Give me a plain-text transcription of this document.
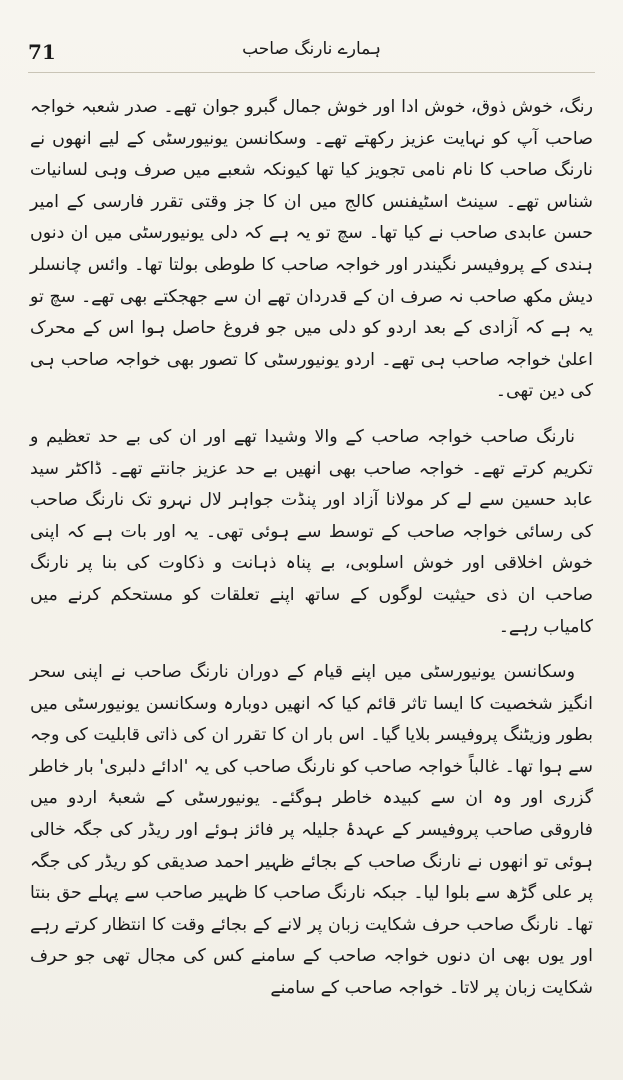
71	ہمارے نارنگ صاحب

رنگ، خوش ذوق، خوش ادا اور خوش جمال گبرو جوان تھے۔ صدر شعبہ خواجہ صاحب آپ کو نہایت عزیز رکھتے تھے۔ وسکانسن یونیورسٹی کے لیے انھوں نے نارنگ صاحب کا نام نامی تجویز کیا تھا کیونکہ شعبے میں صرف وہی لسانیات شناس تھے۔ سینٹ اسٹیفنس کالج میں ان کا جز وقتی تقرر فارسی کے امیر حسن عابدی صاحب نے کیا تھا۔ سچ تو یہ ہے کہ دلی یونیورسٹی میں ان دنوں ہندی کے پروفیسر نگیندر اور خواجہ صاحب کا طوطی بولتا تھا۔ وائس چانسلر دیش مکھ صاحب نہ صرف ان کے قدردان تھے ان سے جھجکتے بھی تھے۔ سچ تو یہ ہے کہ آزادی کے بعد اردو کو دلی میں جو فروغ حاصل ہوا اس کے محرک اعلیٰ خواجہ صاحب ہی تھے۔ اردو یونیورسٹی کا تصور بھی خواجہ صاحب ہی کی دین تھی۔

نارنگ صاحب خواجہ صاحب کے والا وشیدا تھے اور ان کی بے حد تعظیم و تکریم کرتے تھے۔ خواجہ صاحب بھی انھیں بے حد عزیز جانتے تھے۔ ڈاکٹر سید عابد حسین سے لے کر مولانا آزاد اور پنڈت جواہر لال نہرو تک نارنگ صاحب کی رسائی خواجہ صاحب کے توسط سے ہوئی تھی۔ یہ اور بات ہے کہ اپنی خوش اخلاقی اور خوش اسلوبی، بے پناہ ذہانت و ذکاوت کی بنا پر نارنگ صاحب ان ذی حیثیت لوگوں کے ساتھ اپنے تعلقات کو مستحکم کرنے میں کامیاب رہے۔

وسکانسن یونیورسٹی میں اپنے قیام کے دوران نارنگ صاحب نے اپنی سحر انگیز شخصیت کا ایسا تاثر قائم کیا کہ انھیں دوبارہ وسکانسن یونیورسٹی میں بطور وزیٹنگ پروفیسر بلایا گیا۔ اس بار ان کا تقرر ان کی ذاتی قابلیت کی وجہ سے ہوا تھا۔ غالباً خواجہ صاحب کو نارنگ صاحب کی یہ 'ادائے دلبری' بار خاطر گزری اور وہ ان سے کبیدہ خاطر ہوگئے۔ یونیورسٹی کے شعبۂ اردو میں فاروقی صاحب پروفیسر کے عہدۂ جلیلہ پر فائز ہوئے اور ریڈر کی جگہ خالی ہوئی تو انھوں نے نارنگ صاحب کے بجائے ظہیر احمد صدیقی کو ریڈر کی جگہ پر علی گڑھ سے بلوا لیا۔ جبکہ نارنگ صاحب کا ظہیر صاحب سے پہلے حق بنتا تھا۔ نارنگ صاحب حرف شکایت زبان پر لانے کے بجائے وقت کا انتظار کرتے رہے اور یوں بھی ان دنوں خواجہ صاحب کے سامنے کس کی مجال تھی جو حرف شکایت زبان پر لاتا۔ خواجہ صاحب کے سامنے
